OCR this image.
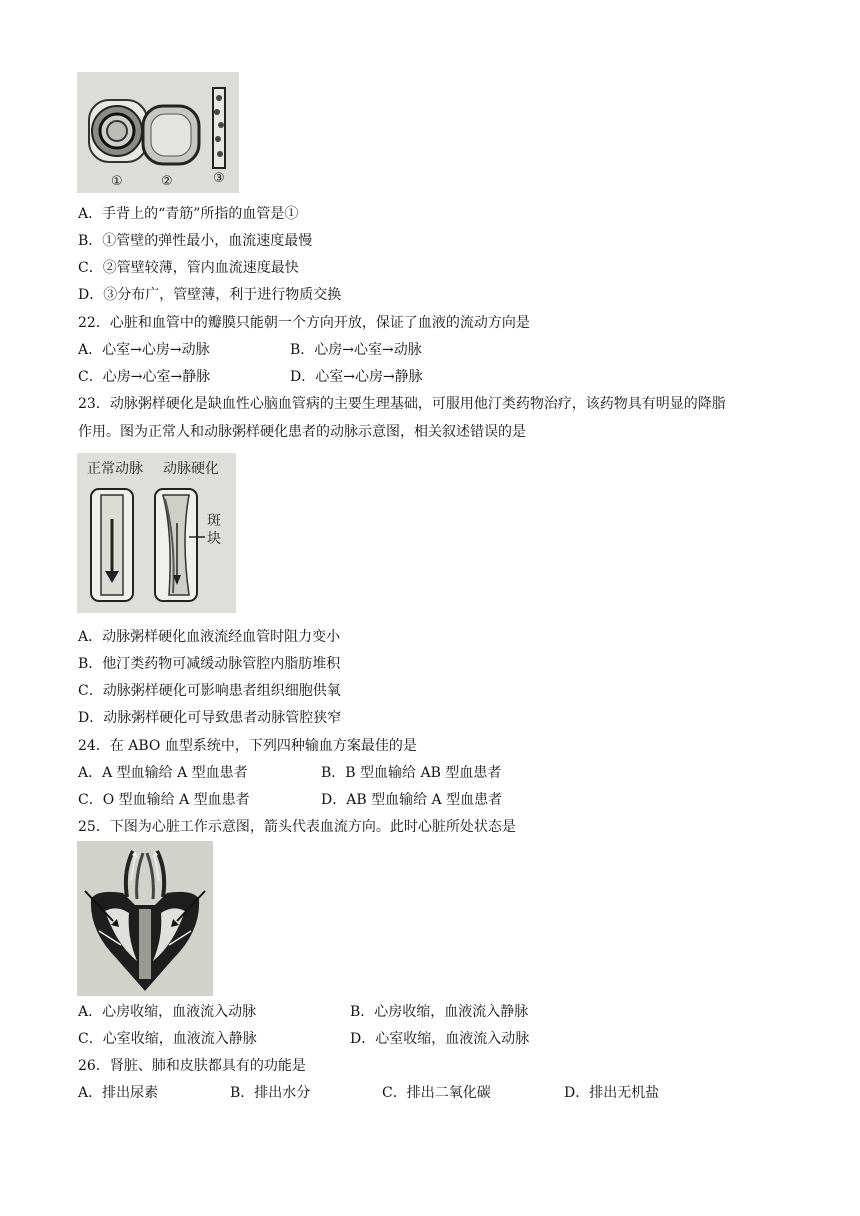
①	②	③
A．手背上的“青筋”所指的血管是①
B．①管壁的弹性最小，血流速度最慢
C．②管壁较薄，管内血流速度最快
D．③分布广，管壁薄，利于进行物质交换
22．心脏和血管中的瓣膜只能朝一个方向开放，保证了血液的流动方向是
A．心室→心房→动脉	B．心房→心室→动脉
C．心房→心室→静脉	D．心室→心房→静脉
23．动脉粥样硬化是缺血性心脑血管病的主要生理基础，可服用他汀类药物治疗，该药物具有明显的降脂
作用。图为正常人和动脉粥样硬化患者的动脉示意图，相关叙述错误的是
正常动脉 动脉硬化
斑
块
A．动脉粥样硬化血液流经血管时阻力变小
B．他汀类药物可减缓动脉管腔内脂肪堆积
C．动脉粥样硬化可影响患者组织细胞供氧
D．动脉粥样硬化可导致患者动脉管腔狭窄
24．在 ABO 血型系统中，下列四种输血方案最佳的是
A．A 型血输给 A 型血患者	B．B 型血输给 AB 型血患者
C．O 型血输给 A 型血患者	D．AB 型血输给 A 型血患者
25．下图为心脏工作示意图，箭头代表血流方向。此时心脏所处状态是
A．心房收缩，血液流入动脉	B．心房收缩，血液流入静脉
C．心室收缩，血液流入静脉	D．心室收缩，血液流入动脉
26．肾脏、肺和皮肤都具有的功能是
A．排出尿素	B．排出水分	C．排出二氧化碳	D．排出无机盐
